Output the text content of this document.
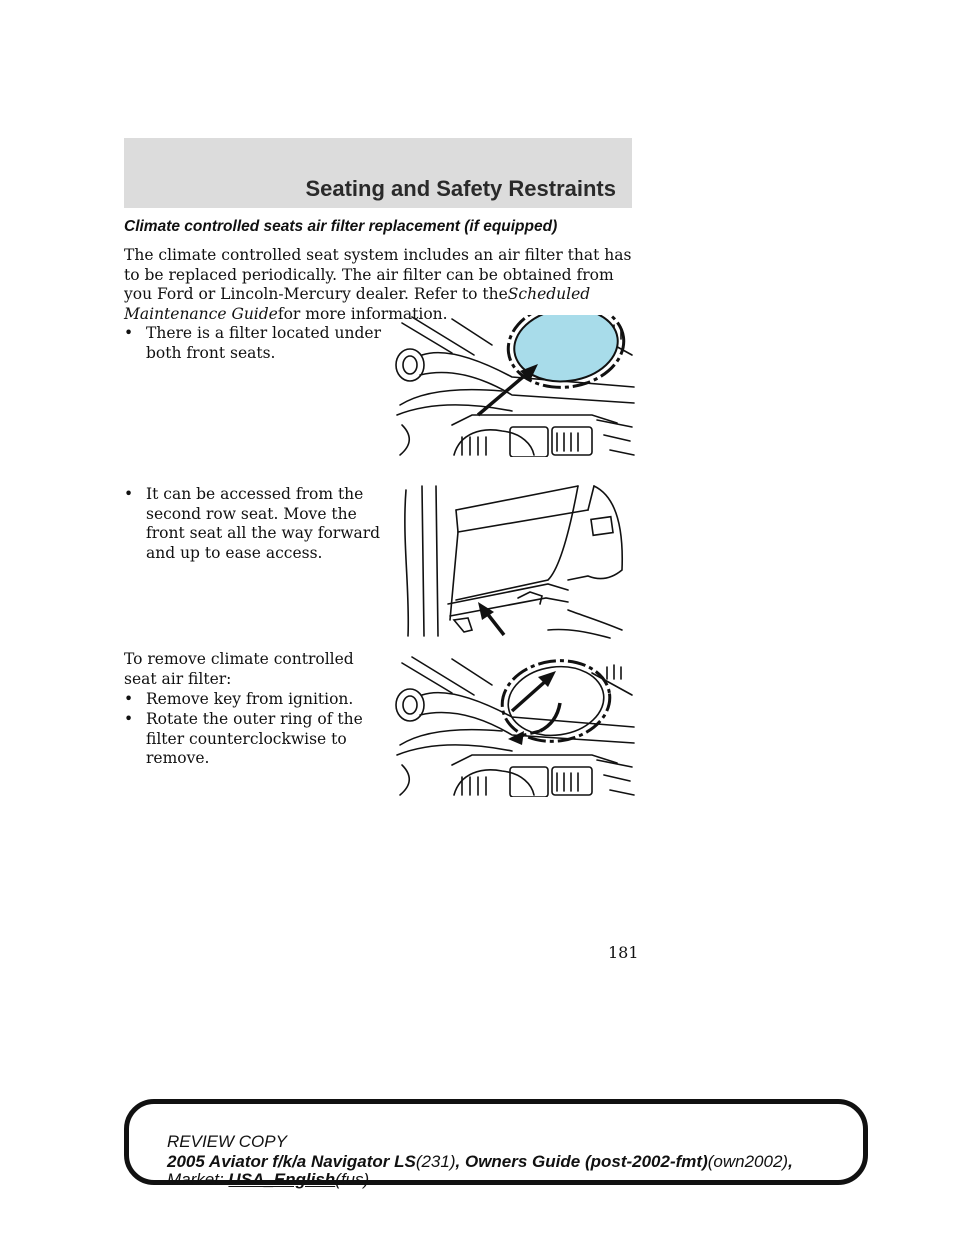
Seating and Safety Restraints
Climate controlled seats air filter replacement (if equipped)

The climate controlled seat system includes an air filter that has to be replaced periodically. The air filter can be obtained from you Ford or Lincoln-Mercury dealer. Refer to theScheduled Maintenance Guidefor more information.

• There is a filter located under both front seats.
• It can be accessed from the second row seat. Move the front seat all the way forward and up to ease access.

To remove climate controlled seat air filter:

• Remove key from ignition.
• Rotate the outer ring of the filter counterclockwise to remove.
181
REVIEW COPY
2005 Aviator f/k/a Navigator LS(231), Owners Guide (post-2002-fmt)(own2002),
Market: USA_English(fus)
